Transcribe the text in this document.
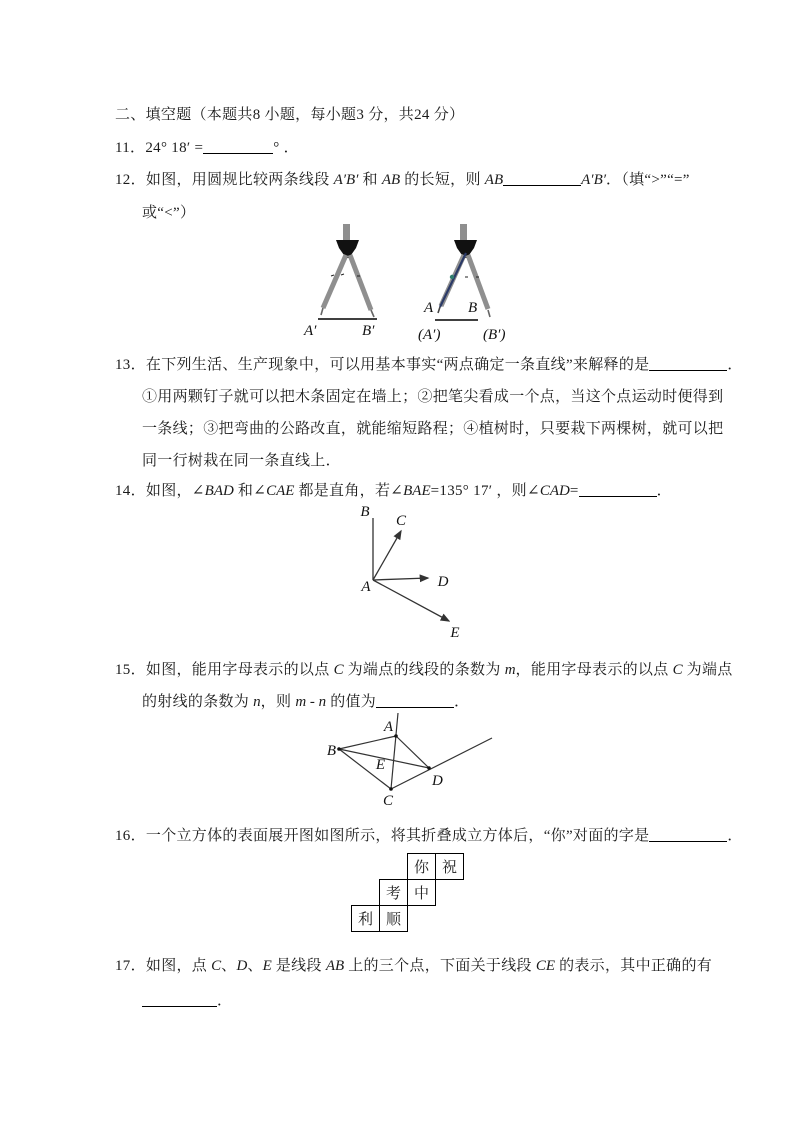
二、填空题（本题共8 小题，每小题3 分，共24 分）
11．24° 18′ =	° ．
12．如图，用圆规比较两条线段 A′B′ 和 AB 的长短，则 AB	A′B′．（填“>”“=”
或“<”）
A′	B′
A B
(A′)	(B′)
13．在下列生活、生产现象中，可以用基本事实“两点确定一条直线”来解释的是	．
①用两颗钉子就可以把木条固定在墙上；②把笔尖看成一个点，当这个点运动时便得到
一条线；③把弯曲的公路改直，就能缩短路程；④植树时，只要栽下两棵树，就可以把
同一行树栽在同一条直线上．
14．如图，∠BAD 和∠CAE 都是直角，若∠BAE=135° 17′ ，则∠CAD=	．
B
C
A	D
E
15．如图，能用字母表示的以点 C 为端点的线段的条数为 m，能用字母表示的以点 C 为端点
的射线的条数为 n，则 m - n 的值为	．
A
B
C
D
E
16．一个立方体的表面展开图如图所示，将其折叠成立方体后，“你”对面的字是	．
你 祝
考 中
利 顺
17．如图，点 C、D、E 是线段 AB 上的三个点，下面关于线段 CE 的表示，其中正确的有
．
